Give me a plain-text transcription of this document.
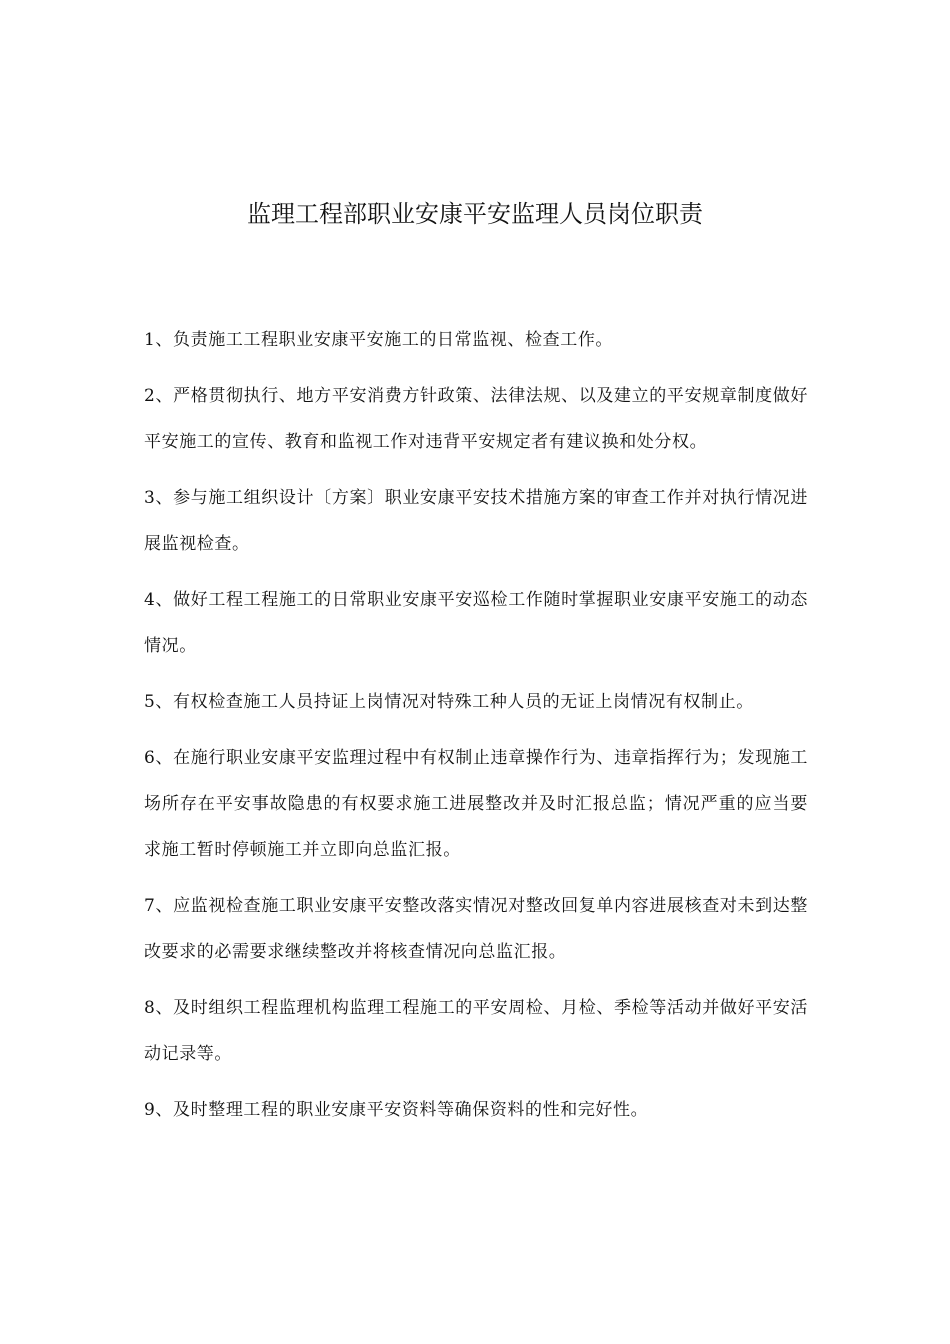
监理工程部职业安康平安监理人员岗位职责
1、负责施工工程职业安康平安施工的日常监视、检查工作。
2、严格贯彻执行、地方平安消费方针政策、法律法规、以及建立的平安规章制度做好平安施工的宣传、教育和监视工作对违背平安规定者有建议换和处分权。
3、参与施工组织设计〔方案〕职业安康平安技术措施方案的审查工作并对执行情况进展监视检查。
4、做好工程工程施工的日常职业安康平安巡检工作随时掌握职业安康平安施工的动态情况。
5、有权检查施工人员持证上岗情况对特殊工种人员的无证上岗情况有权制止。
6、在施行职业安康平安监理过程中有权制止违章操作行为、违章指挥行为；发现施工场所存在平安事故隐患的有权要求施工进展整改并及时汇报总监；情况严重的应当要求施工暂时停顿施工并立即向总监汇报。
7、应监视检查施工职业安康平安整改落实情况对整改回复单内容进展核查对未到达整改要求的必需要求继续整改并将核查情况向总监汇报。
8、及时组织工程监理机构监理工程施工的平安周检、月检、季检等活动并做好平安活动记录等。
9、及时整理工程的职业安康平安资料等确保资料的性和完好性。
